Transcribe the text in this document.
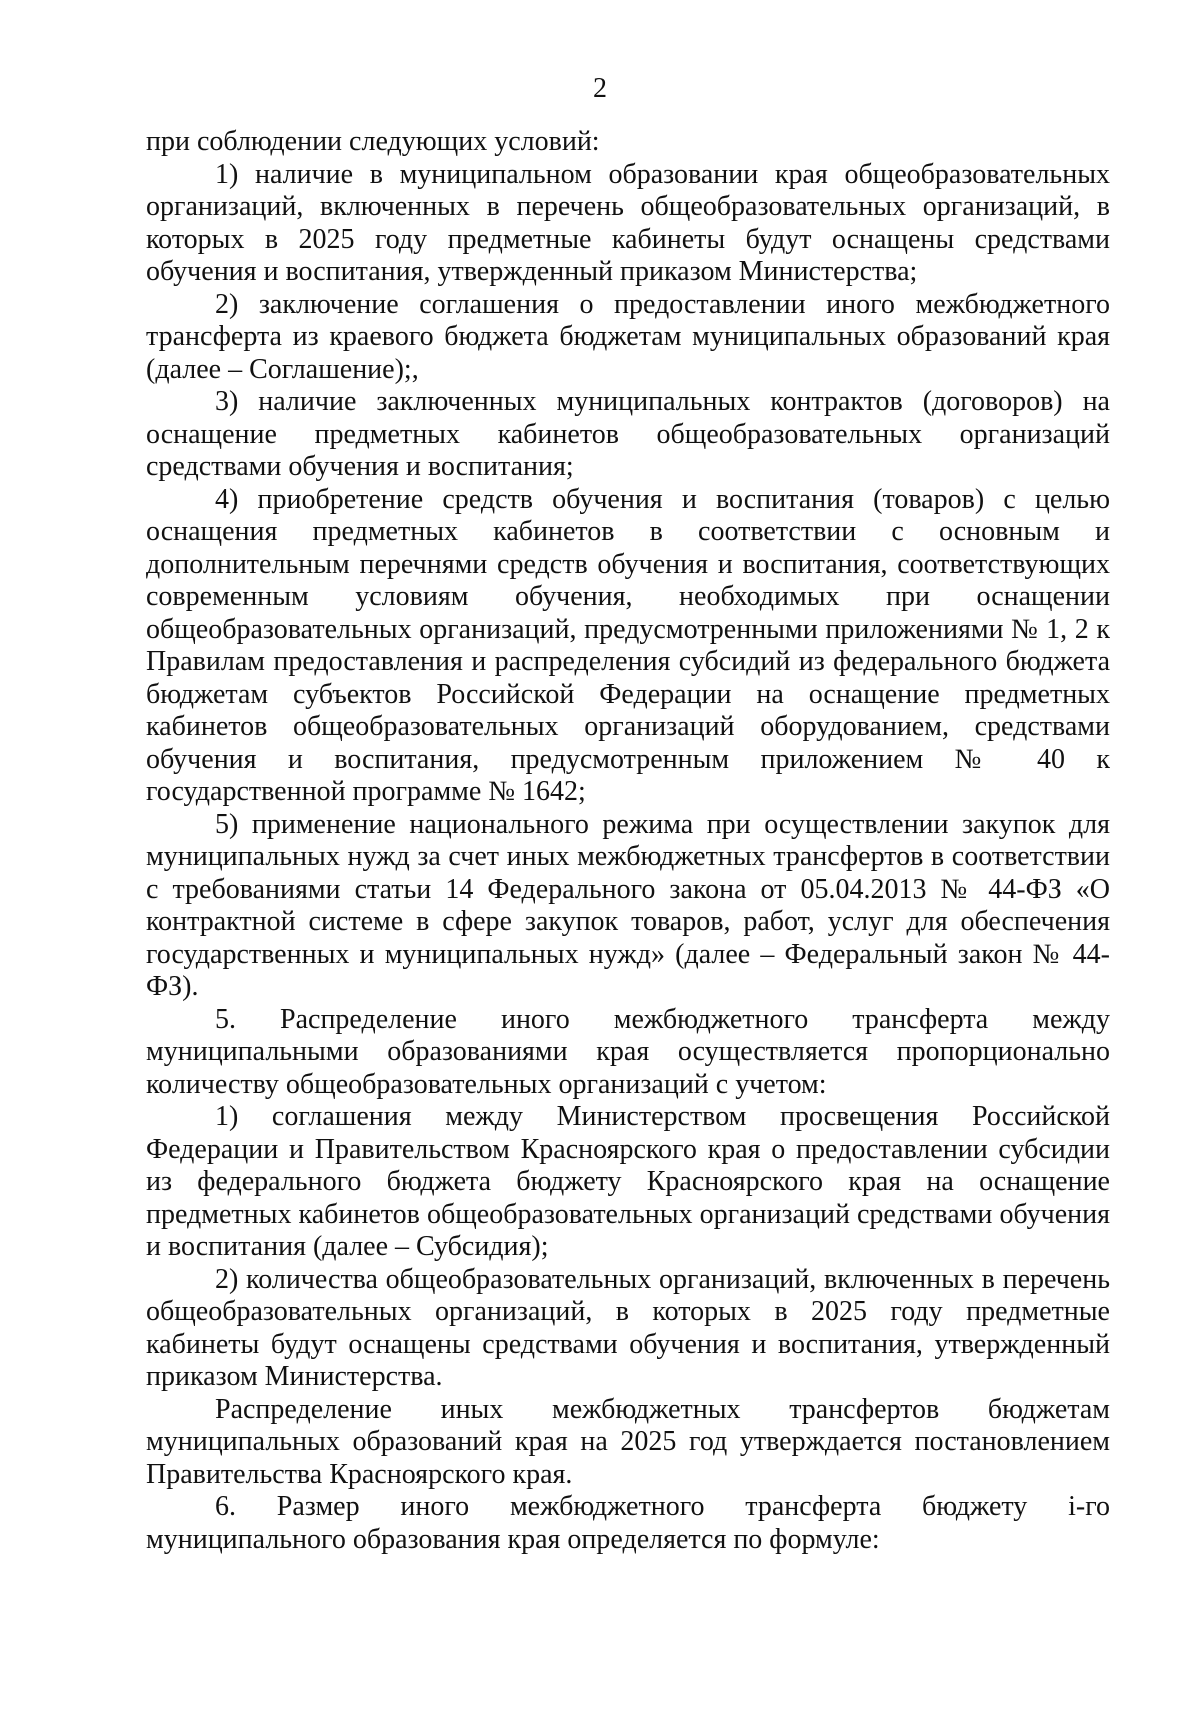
2

при соблюдении следующих условий:

1) наличие в муниципальном образовании края общеобразовательных организаций, включенных в перечень общеобразовательных организаций, в которых в 2025 году предметные кабинеты будут оснащены средствами обучения и воспитания, утвержденный приказом Министерства;

2) заключение соглашения о предоставлении иного межбюджетного трансферта из краевого бюджета бюджетам муниципальных образований края (далее – Соглашение);,

3) наличие заключенных муниципальных контрактов (договоров) на оснащение предметных кабинетов общеобразовательных организаций средствами обучения и воспитания;

4) приобретение средств обучения и воспитания (товаров) с целью оснащения предметных кабинетов в соответствии с основным и дополнительным перечнями средств обучения и воспитания, соответствующих современным условиям обучения, необходимых при оснащении общеобразовательных организаций, предусмотренными приложениями № 1, 2 к Правилам предоставления и распределения субсидий из федерального бюджета бюджетам субъектов Российской Федерации на оснащение предметных кабинетов общеобразовательных организаций оборудованием, средствами обучения и воспитания, предусмотренным приложением № 40 к государственной программе № 1642;

5) применение национального режима при осуществлении закупок для муниципальных нужд за счет иных межбюджетных трансфертов в соответствии с требованиями статьи 14 Федерального закона от 05.04.2013 № 44-ФЗ «О контрактной системе в сфере закупок товаров, работ, услуг для обеспечения государственных и муниципальных нужд» (далее – Федеральный закон № 44-ФЗ).

5. Распределение иного межбюджетного трансферта между муниципальными образованиями края осуществляется пропорционально количеству общеобразовательных организаций с учетом:

1) соглашения между Министерством просвещения Российской Федерации и Правительством Красноярского края о предоставлении субсидии из федерального бюджета бюджету Красноярского края на оснащение предметных кабинетов общеобразовательных организаций средствами обучения и воспитания (далее – Субсидия);

2) количества общеобразовательных организаций, включенных в перечень общеобразовательных организаций, в которых в 2025 году предметные кабинеты будут оснащены средствами обучения и воспитания, утвержденный приказом Министерства.

Распределение иных межбюджетных трансфертов бюджетам муниципальных образований края на 2025 год утверждается постановлением Правительства Красноярского края.

6. Размер иного межбюджетного трансферта бюджету i-го муниципального образования края определяется по формуле:
